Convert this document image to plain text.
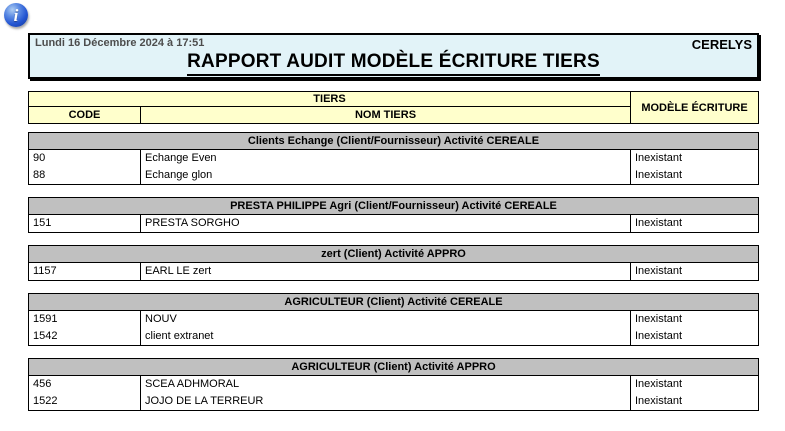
i
Lundi 16 Décembre 2024 à 17:51	CERELYS
RAPPORT AUDIT MODÈLE ÉCRITURE TIERS
TIERS
CODE	NOM TIERS
MODÈLE ÉCRITURE
Clients Echange (Client/Fournisseur) Activité CEREALE
90	Echange Even	Inexistant
88	Echange glon	Inexistant
PRESTA PHILIPPE Agri (Client/Fournisseur) Activité CEREALE
151	PRESTA SORGHO	Inexistant
zert (Client) Activité APPRO
1157	EARL LE zert	Inexistant
AGRICULTEUR (Client) Activité CEREALE
1591	NOUV	Inexistant
1542	client extranet	Inexistant
AGRICULTEUR (Client) Activité APPRO
456	SCEA ADHMORAL	Inexistant
1522	JOJO DE LA TERREUR	Inexistant
